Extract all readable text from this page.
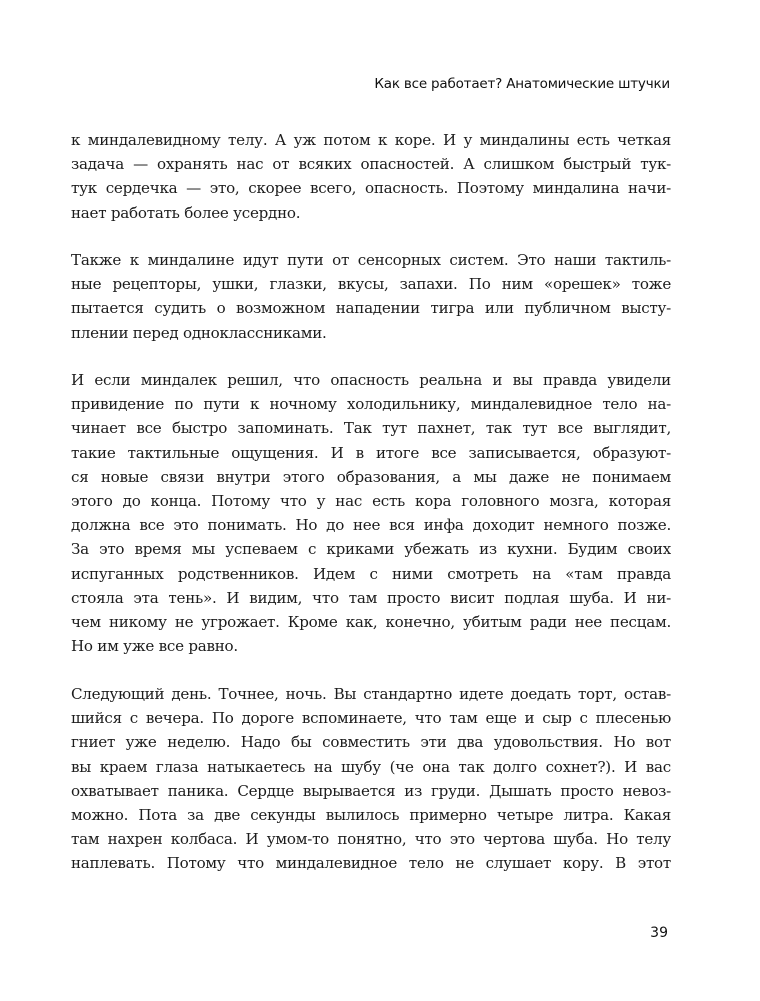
Как все работает? Анатомические штучки
к миндалевидному телу. А уж потом к коре. И у миндалины есть четкая
задача — охранять нас от всяких опасностей. А слишком быстрый тук-
тук сердечка — это, скорее всего, опасность. Поэтому миндалина начи-
нает работать более усердно.
Также к миндалине идут пути от сенсорных систем. Это наши тактиль-
ные рецепторы, ушки, глазки, вкусы, запахи. По ним «орешек» тоже
пытается судить о возможном нападении тигра или публичном высту-
плении перед одноклассниками.
И если миндалек решил, что опасность реальна и вы правда увидели
привидение по пути к ночному холодильнику, миндалевидное тело на-
чинает все быстро запоминать. Так тут пахнет, так тут все выглядит,
такие тактильные ощущения. И в итоге все записывается, образуют-
ся новые связи внутри этого образования, а мы даже не понимаем
этого до конца. Потому что у нас есть кора головного мозга, которая
должна все это понимать. Но до нее вся инфа доходит немного позже.
За это время мы успеваем с криками убежать из кухни. Будим своих
испуганных родственников. Идем с ними смотреть на «там правда
стояла эта тень». И видим, что там просто висит подлая шуба. И ни-
чем никому не угрожает. Кроме как, конечно, убитым ради нее песцам.
Но им уже все равно.
Следующий день. Точнее, ночь. Вы стандартно идете доедать торт, остав-
шийся с вечера. По дороге вспоминаете, что там еще и сыр с плесенью
гниет уже неделю. Надо бы совместить эти два удовольствия. Но вот
вы краем глаза натыкаетесь на шубу (че она так долго сохнет?). И вас
охватывает паника. Сердце вырывается из груди. Дышать просто невоз-
можно. Пота за две секунды вылилось примерно четыре литра. Какая
там нахрен колбаса. И умом-то понятно, что это чертова шуба. Но телу
наплевать. Потому что миндалевидное тело не слушает кору. В этот
39
